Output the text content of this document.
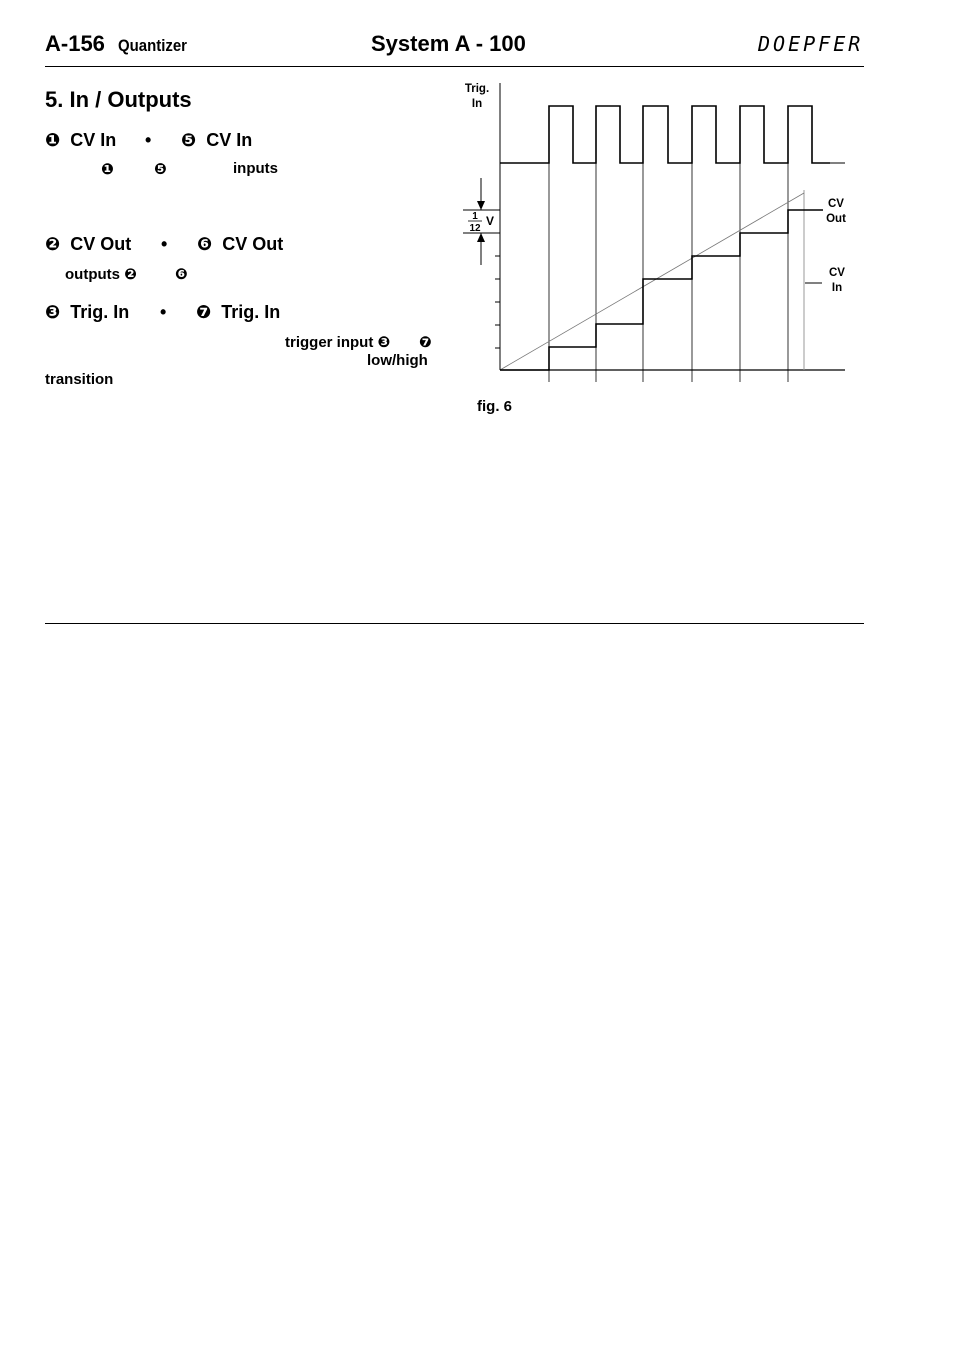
A-156 Quantizer	System A - 100	DOEPFER
5. In / Outputs
❶ CV In • ❺ CV In
❶	❺	inputs
❷ CV Out • ❻ CV Out
outputs ❷	❻
❸ Trig. In • ❼ Trig. In
trigger input ❸ ❼
low/high
transition
1
12
V
Trig.
In
CV
Out
CV
In
fig. 6
